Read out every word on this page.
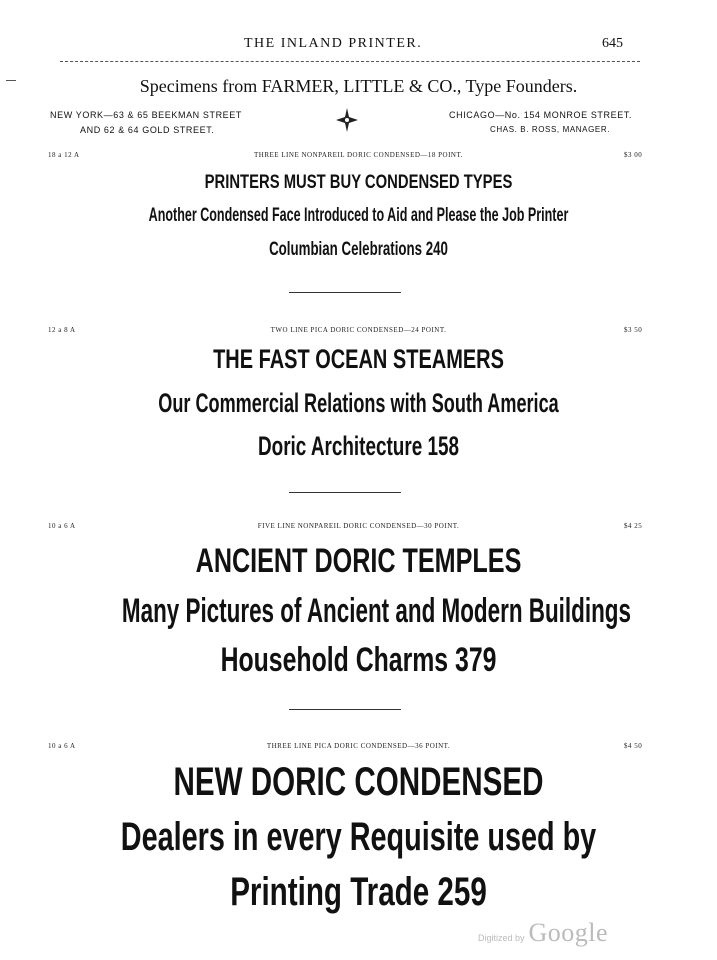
THE INLAND PRINTER.	645
Specimens from FARMER, LITTLE & CO., Type Founders.
NEW YORK—63 & 65 BEEKMAN STREET
AND 62 & 64 GOLD STREET.
CHICAGO—No. 154 MONROE STREET.
CHAS. B. ROSS, MANAGER.
18 a 12 A	THREE LINE NONPAREIL DORIC CONDENSED—18 POINT.	$3 00
PRINTERS MUST BUY CONDENSED TYPES
Another Condensed Face Introduced to Aid and Please the Job Printer
Columbian Celebrations 240
12 a 8 A	TWO LINE PICA DORIC CONDENSED—24 POINT.	$3 50
THE FAST OCEAN STEAMERS
Our Commercial Relations with South America
Doric Architecture 158
10 a 6 A	FIVE LINE NONPAREIL DORIC CONDENSED—30 POINT.	$4 25
ANCIENT DORIC TEMPLES
Many Pictures of Ancient and Modern Buildings
Household Charms 379
10 a 6 A	THREE LINE PICA DORIC CONDENSED—36 POINT.	$4 50
NEW DORIC CONDENSED
Dealers in every Requisite used by
Printing Trade 259
Digitized by Google
